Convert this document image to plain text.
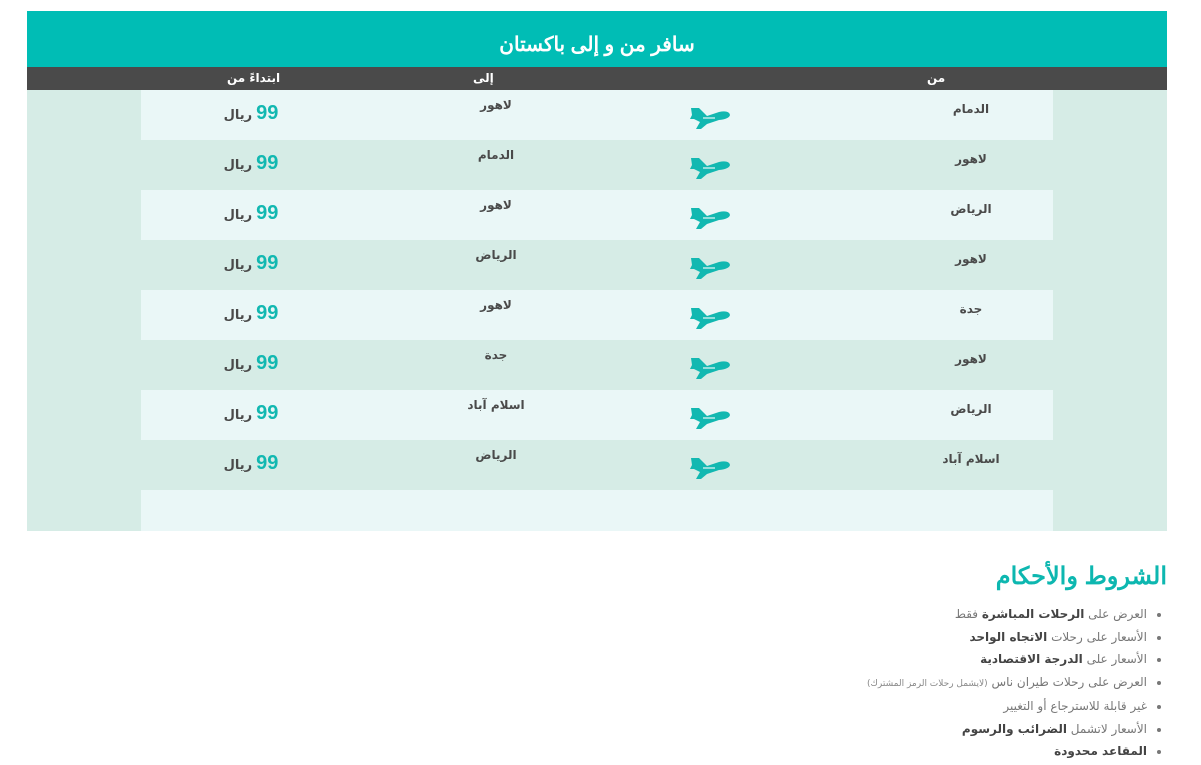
سافر من و إلى باكستان
من
إلى
ابتداءً من
الدمام
لاهور
99ريال
لاهور
الدمام
99ريال
الرياض
لاهور
99ريال
لاهور
الرياض
99ريال
جدة
لاهور
99ريال
لاهور
جدة
99ريال
الرياض
اسلام آباد
99ريال
اسلام آباد
الرياض
99ريال
الشروط والأحكام
• العرض على الرحلات المباشرة فقط
• الأسعار على رحلات الاتجاه الواحد
• الأسعار على الدرجة الاقتصادية
• العرض على رحلات طيران ناس (لايشمل رحلات الرمز المشترك)
• غير قابلة للاسترجاع أو التغيير
• الأسعار لاتشمل الضرائب والرسوم
• المقاعد محدودة
